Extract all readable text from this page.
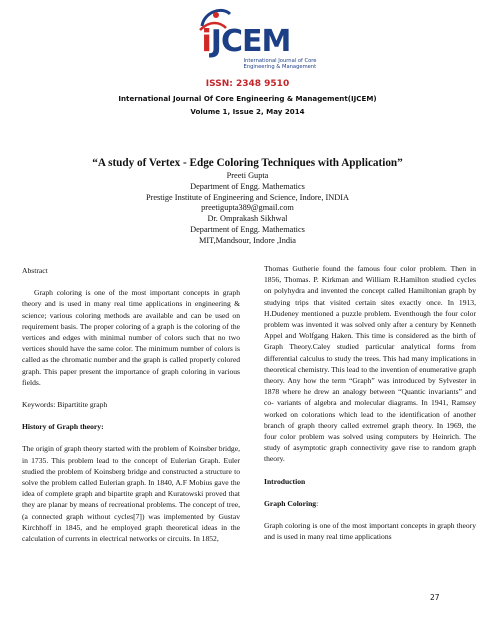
iJCEM
International Journal of Core
Engineering & Management
ISSN: 2348 9510
International Journal Of Core Engineering & Management(IJCEM)
Volume 1, Issue 2, May 2014
“A study of Vertex - Edge Coloring Techniques with Application”
Preeti Gupta
Department of Engg. Mathematics
Prestige Institute of Engineering and Science, Indore, INDIA
preetigupta389@gmail.com
Dr. Omprakash Sikhwal
Department of Engg. Mathematics
MIT,Mandsour, Indore ,India

Abstract

Graph coloring is one of the most important concepts in graph theory and is used in many real time applications in engineering & science; various coloring methods are available and can be used on requirement basis. The proper coloring of a graph is the coloring of the vertices and edges with minimal number of colors such that no two vertices should have the same color. The minimum number of colors is called as the chromatic number and the graph is called properly colored graph. This paper present the importance of graph coloring in various fields.

Keywords: Bipartitite graph

History of Graph theory:

The origin of graph theory started with the problem of Koinsber bridge, in 1735. This problem lead to the concept of Eulerian Graph. Euler studied the problem of Koinsberg bridge and constructed a structure to solve the problem called Eulerian graph. In 1840, A.F Mobius gave the idea of complete graph and bipartite graph and Kuratowski proved that they are planar by means of recreational problems. The concept of tree, (a connected graph without cycles[7]) was implemented by Gustav Kirchhoff in 1845, and he employed graph theoretical ideas in the calculation of currents in electrical networks or circuits. In 1852,

Thomas Gutherie found the famous four color problem. Then in 1856, Thomas. P. Kirkman and William R.Hamilton studied cycles on polyhydra and invented the concept called Hamiltonian graph by studying trips that visited certain sites exactly once. In 1913, H.Dudeney mentioned a puzzle problem. Eventhough the four color problem was invented it was solved only after a century by Kenneth Appel and Wolfgang Haken. This time is considered as the birth of Graph Theory.Caley studied particular analytical forms from differential calculus to study the trees. This had many implications in theoretical chemistry. This lead to the invention of enumerative graph theory. Any how the term “Graph” was introduced by Sylvester in 1878 where he drew an analogy between “Quantic invariants” and co- variants of algebra and molecular diagrams. In 1941, Ramsey worked on colorations which lead to the identification of another branch of graph theory called extremel graph theory. In 1969, the four color problem was solved using computers by Heinrich. The study of asymptotic graph connectivity gave rise to random graph theory.

Introduction

Graph Coloring:

Graph coloring is one of the most important concepts in graph theory and is used in many real time applications

27
